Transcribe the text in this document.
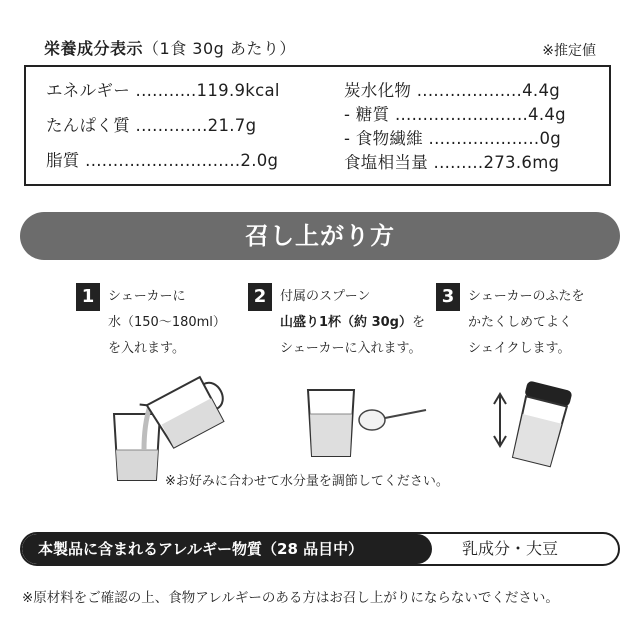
栄養成分表示（1食 30g あたり）	※推定値
エネルギー ...........119.9kcal
たんぱく質 .............21.7g
脂質 ............................2.0g
炭水化物 ...................4.4g
- 糖質 ........................4.4g
- 食物繊維 ....................0g
食塩相当量 .........273.6mg
召し上がり方
1	シェーカーに
水（150〜180ml）
を入れます。
2	付属のスプーン
山盛り1杯（約 30g）を
シェーカーに入れます。
3	シェーカーのふたを
かたくしめてよく
シェイクします。
※お好みに合わせて水分量を調節してください。
本製品に含まれるアレルギー物質（28 品目中）	乳成分・大豆
※原材料をご確認の上、食物アレルギーのある方はお召し上がりにならないでください。
